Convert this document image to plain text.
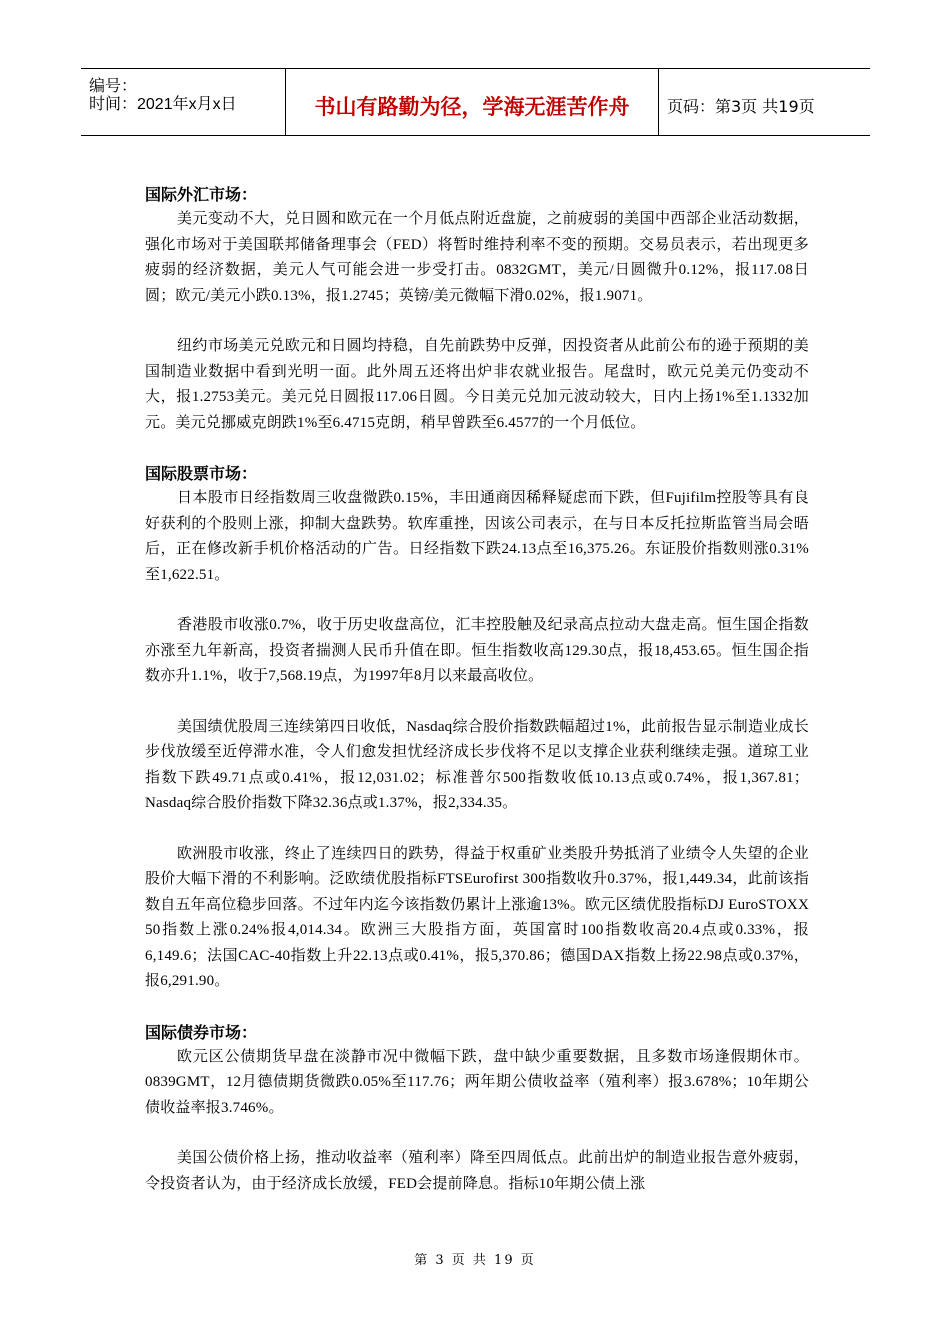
编号：
时间：2021年x月x日	书山有路勤为径，学海无涯苦作舟	页码：第3页 共19页
国际外汇市场：

美元变动不大，兑日圆和欧元在一个月低点附近盘旋，之前疲弱的美国中西部企业活动数据，强化市场对于美国联邦储备理事会（FED）将暂时维持利率不变的预期。交易员表示，若出现更多疲弱的经济数据，美元人气可能会进一步受打击。0832GMT，美元/日圆微升0.12%，报117.08日圆；欧元/美元小跌0.13%，报1.2745；英镑/美元微幅下滑0.02%，报1.9071。

纽约市场美元兑欧元和日圆均持稳，自先前跌势中反弹，因投资者从此前公布的逊于预期的美国制造业数据中看到光明一面。此外周五还将出炉非农就业报告。尾盘时，欧元兑美元仍变动不大，报1.2753美元。美元兑日圆报117.06日圆。今日美元兑加元波动较大，日内上扬1%至1.1332加元。美元兑挪威克朗跌1%至6.4715克朗，稍早曾跌至6.4577的一个月低位。

国际股票市场：

日本股市日经指数周三收盘微跌0.15%，丰田通商因稀释疑虑而下跌，但Fujifilm控股等具有良好获利的个股则上涨，抑制大盘跌势。软库重挫，因该公司表示，在与日本反托拉斯监管当局会晤后，正在修改新手机价格活动的广告。日经指数下跌24.13点至16,375.26。东证股价指数则涨0.31%至1,622.51。

香港股市收涨0.7%，收于历史收盘高位，汇丰控股触及纪录高点拉动大盘走高。恒生国企指数亦涨至九年新高，投资者揣测人民币升值在即。恒生指数收高129.30点，报18,453.65。恒生国企指数亦升1.1%，收于7,568.19点，为1997年8月以来最高收位。

美国绩优股周三连续第四日收低，Nasdaq综合股价指数跌幅超过1%，此前报告显示制造业成长步伐放缓至近停滞水准，令人们愈发担忧经济成长步伐将不足以支撑企业获利继续走强。道琼工业指数下跌49.71点或0.41%，报12,031.02；标准普尔500指数收低10.13点或0.74%，报1,367.81；Nasdaq综合股价指数下降32.36点或1.37%，报2,334.35。

欧洲股市收涨，终止了连续四日的跌势，得益于权重矿业类股升势抵消了业绩令人失望的企业股价大幅下滑的不利影响。泛欧绩优股指标FTSEurofirst 300指数收升0.37%，报1,449.34，此前该指数自五年高位稳步回落。不过年内迄今该指数仍累计上涨逾13%。欧元区绩优股指标DJ EuroSTOXX 50指数上涨0.24%报4,014.34。欧洲三大股指方面，英国富时100指数收高20.4点或0.33%，报6,149.6；法国CAC-40指数上升22.13点或0.41%，报5,370.86；德国DAX指数上扬22.98点或0.37%，报6,291.90。

国际债券市场：

欧元区公债期货早盘在淡静市况中微幅下跌，盘中缺少重要数据，且多数市场逢假期休市。0839GMT，12月德债期货微跌0.05%至117.76；两年期公债收益率（殖利率）报3.678%；10年期公债收益率报3.746%。

美国公债价格上扬，推动收益率（殖利率）降至四周低点。此前出炉的制造业报告意外疲弱，令投资者认为，由于经济成长放缓，FED会提前降息。指标10年期公债上涨

第 3 页 共 19 页
